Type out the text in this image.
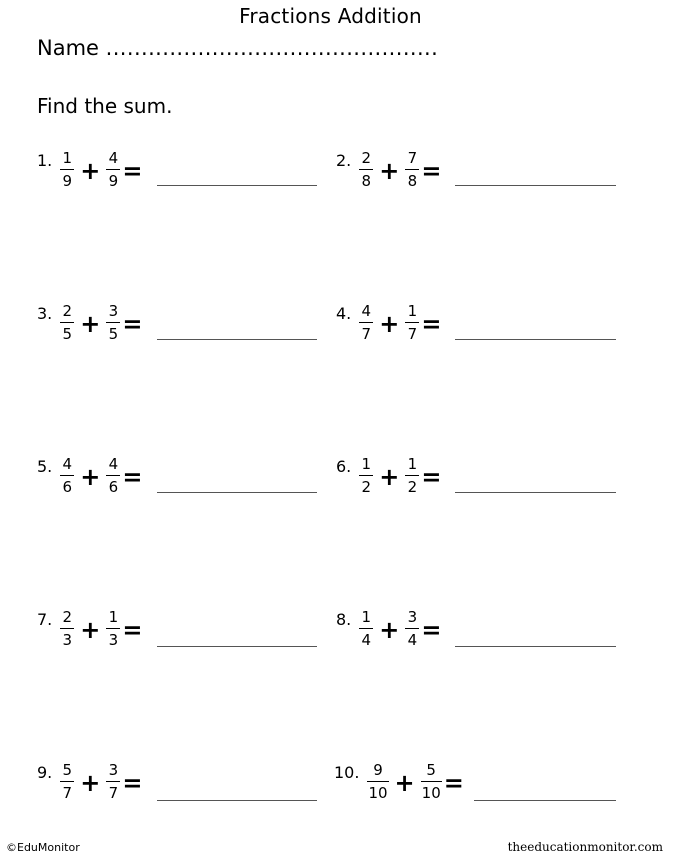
Fractions Addition
Name ...............................................
Find the sum.
1. $\frac{1}{9} + \frac{4}{9}$ =	2. $\frac{2}{8} + \frac{7}{8}$ =
3. $\frac{2}{5} + \frac{3}{5}$ =	4. $\frac{4}{7} + \frac{1}{7}$ =
5. $\frac{4}{6} + \frac{4}{6}$ =	6. $\frac{1}{2} + \frac{1}{2}$ =
7. $\frac{2}{3} + \frac{1}{3}$ =	8. $\frac{1}{4} + \frac{3}{4}$ =
9. $\frac{5}{7} + \frac{3}{7}$ =	10. $\frac{9}{10} + \frac{5}{10}$ =
©EduMonitor	theeducationmonitor.com
